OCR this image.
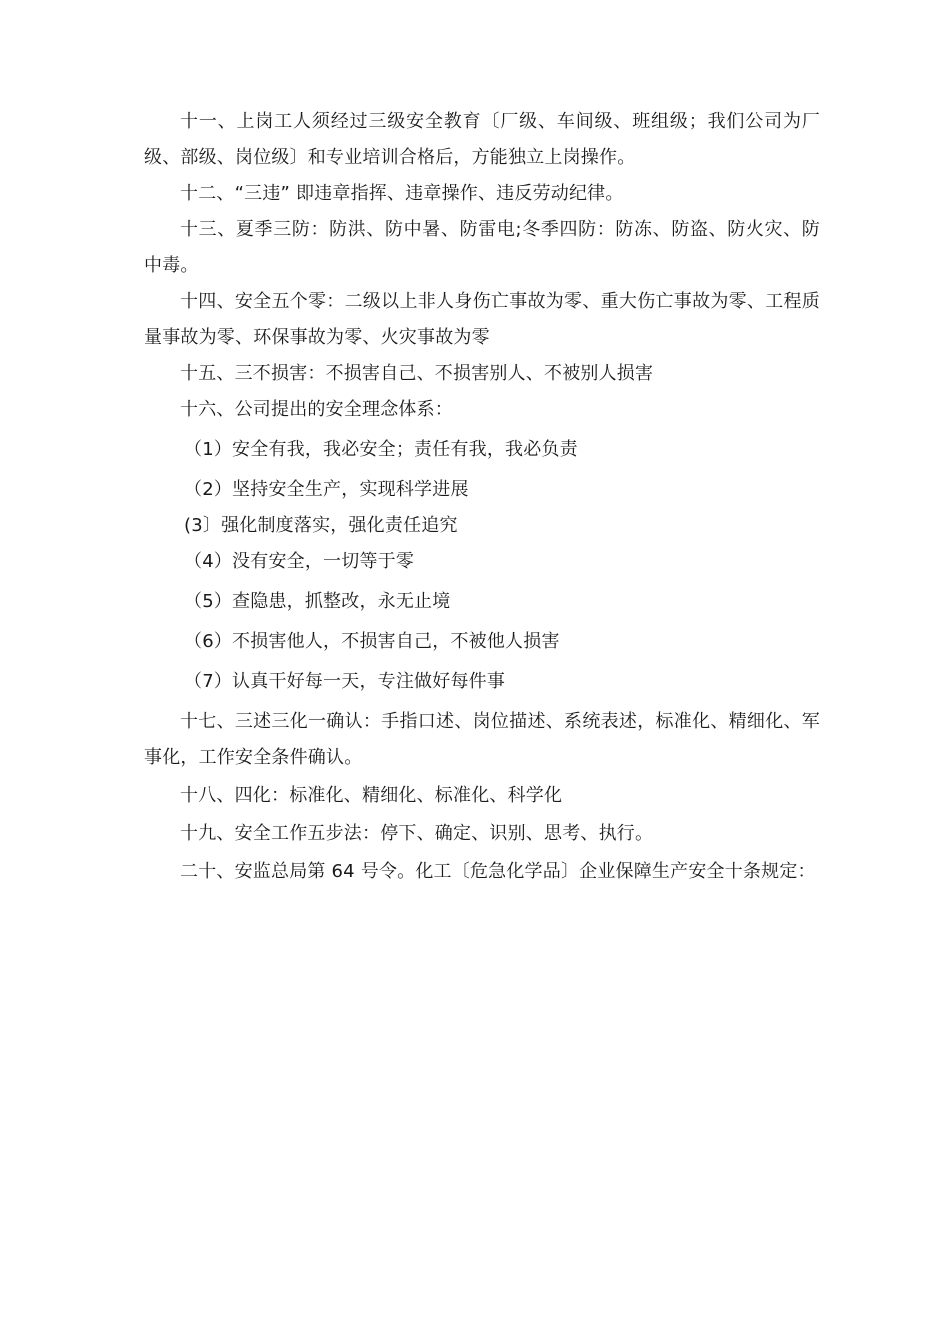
十一、上岗工人须经过三级安全教育〔厂级、车间级、班组级；我们公司为厂级、部级、岗位级〕和专业培训合格后，方能独立上岗操作。

十二、“三违” 即违章指挥、违章操作、违反劳动纪律。

十三、夏季三防：防洪、防中暑、防雷电;冬季四防：防冻、防盗、防火灾、防中毒。

十四、安全五个零：二级以上非人身伤亡事故为零、重大伤亡事故为零、工程质量事故为零、环保事故为零、火灾事故为零

十五、三不损害：不损害自己、不损害别人、不被别人损害

十六、公司提出的安全理念体系：

（1）安全有我，我必安全；责任有我，我必负责

（2）坚持安全生产，实现科学进展

(3〕强化制度落实，强化责任追究

（4）没有安全，一切等于零

（5）查隐患，抓整改，永无止境

（6）不损害他人，不损害自己，不被他人损害

（7）认真干好每一天，专注做好每件事

十七、三述三化一确认：手指口述、岗位描述、系统表述，标准化、精细化、军事化，工作安全条件确认。

十八、四化：标准化、精细化、标准化、科学化

十九、安全工作五步法：停下、确定、识别、思考、执行。

二十、安监总局第 64 号令。化工〔危急化学品〕企业保障生产安全十条规定：
